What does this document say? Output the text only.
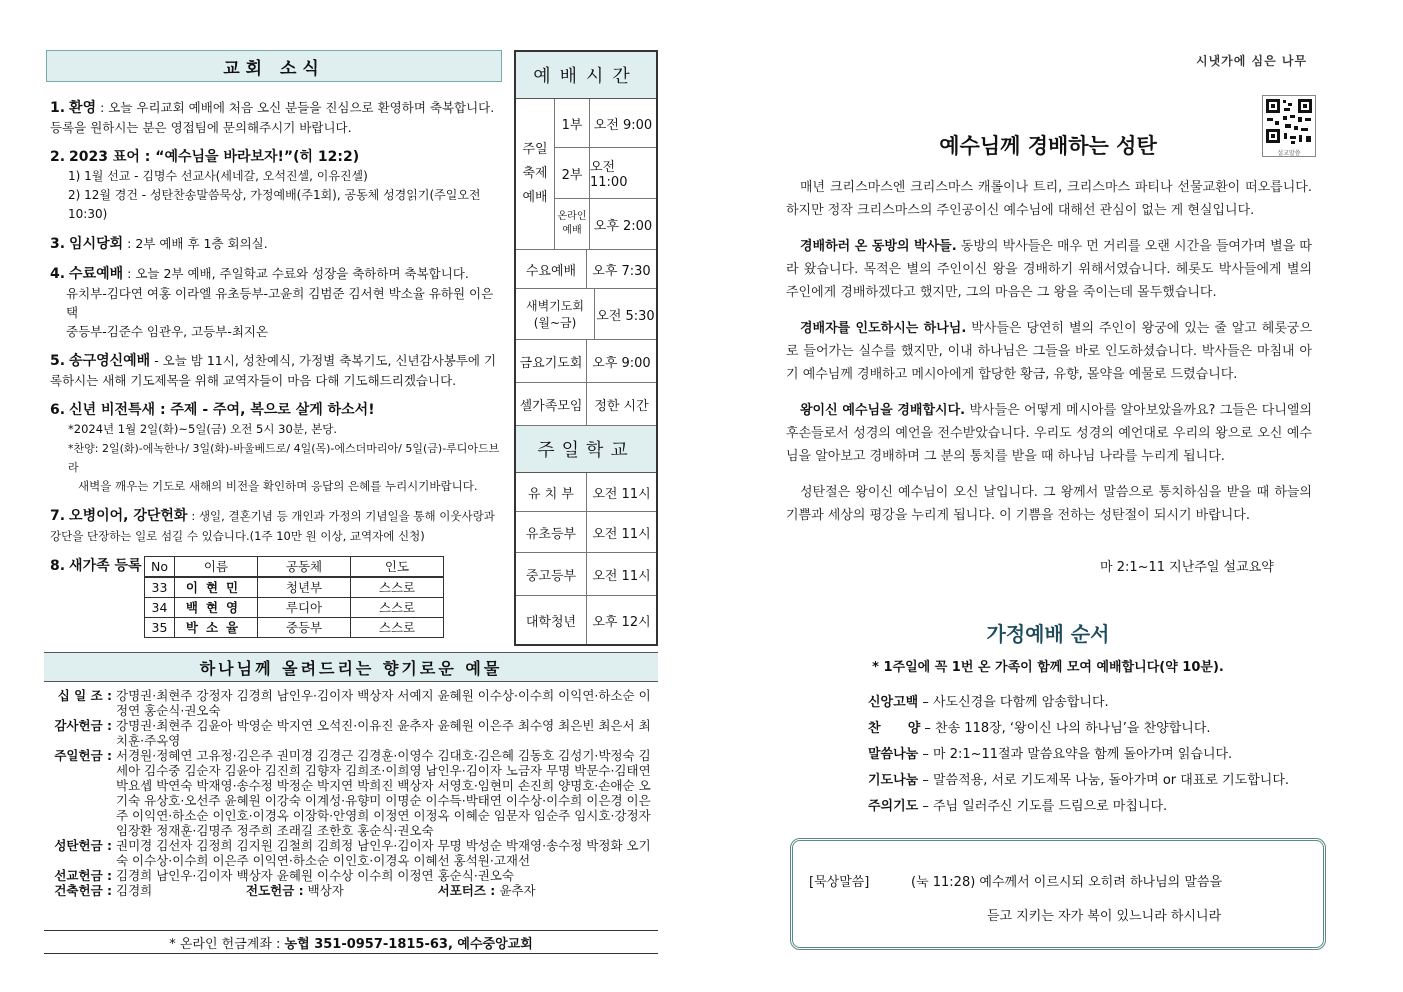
교회 소식
1. 환영 : 오늘 우리교회 예배에 처음 오신 분들을 진심으로 환영하며 축복합니다. 등록을 원하시는 분은 영접팀에 문의해주시기 바랍니다.
2. 2023 표어 : “예수님을 바라보자!”(히 12:2)
1) 1월 선교 - 김명수 선교사(세네갈, 오석진셀, 이유진셀)
2) 12월 경건 - 성탄찬송말씀묵상, 가정예배(주1회), 공동체 성경읽기(주일오전10:30)
3. 임시당회 : 2부 예배 후 1층 회의실.
4. 수료예배 : 오늘 2부 예배, 주일학교 수료와 성장을 축하하며 축복합니다.
유치부-김다연 여홍 이라엘 유초등부-고윤희 김범준 김서현 박소율 유하원 이은택
중등부-김준수 임관우, 고등부-최지온
5. 송구영신예배 - 오늘 밤 11시, 성찬예식, 가정별 축복기도, 신년감사봉투에 기록하시는 새해 기도제목을 위해 교역자들이 마음 다해 기도해드리겠습니다.
6. 신년 비전특새 : 주제 - 주여, 복으로 살게 하소서!
*2024년 1월 2일(화)~5일(금) 오전 5시 30분, 본당.
*찬양: 2일(화)-에녹한나/ 3일(화)-바울베드로/ 4일(목)-에스더마리아/ 5일(금)-루디아드브라
새벽을 깨우는 기도로 새해의 비전을 확인하며 응답의 은혜를 누리시기바랍니다.
7. 오병이어, 강단헌화 : 생일, 결혼기념 등 개인과 가정의 기념일을 통해 이웃사랑과 강단을 단장하는 일로 섬길 수 있습니다.(1주 10만 원 이상, 교역자에 신청)
8. 새가족 등록 No	이름	공동체	인도
33	이현민	청년부	스스로
34	백현영	루디아	스스로
35	박소율	중등부	스스로
예배시간
주일축제예배
1부 오전 9:00
2부 오전 11:00
온라인예배 오후 2:00
수요예배	오후 7:30
새벽기도회(월~금)	오전 5:30
금요기도회 오후 9:00
셀가족모임 정한 시간
주일학교
유 치 부	오전 11시
유초등부	오전 11시
중고등부	오전 11시
대학청년	오후 12시
하나님께 올려드리는 향기로운 예물
십 일 조 : 강명권·최현주 강정자 김경희 남인우·김이자 백상자 서예지 윤혜원 이수상·이수희 이익연·하소순 이정연 홍순식·권오숙
감사헌금 : 강명권·최현주 김윤아 박영순 박지연 오석진·이유진 윤추자 윤혜원 이은주 최수영 최은빈 최은서 최치훈·주옥영
주일헌금 : 서경원·정혜연 고유정·김은주 권미경 김경근 김경훈·이영수 김대호·김은혜 김동호 김성기·박정숙 김세아 김수중 김순자 김윤아 김진희 김향자 김희조·이희영 남인우·김이자 노금자 무명 박문수·김태연 박요셉 박연숙 박재영·송수정 박정순 박지연 박희진 백상자 서영호·임현미 손진희 양명호·손애순 오기숙 유상호·오선주 윤혜원 이강숙 이계성·유향미 이명순 이수득·박태연 이수상·이수희 이은경 이은주 이익연·하소순 이인호·이경옥 이장학·안영희 이정연 이정옥 이혜순 임문자 임순주 임시호·강정자 임장환 정재훈·김명주 정주희 조래길 조한호 홍순식·권오숙
성탄헌금 : 권미경 김선자 김정희 김지원 김철희 김희정 남인우·김이자 무명 박성순 박재영·송수정 박정화 오기숙 이수상·이수희 이은주 이익연·하소순 이인호·이경옥 이혜선 홍석원·고재선
선교헌금 : 김경희 남인우·김이자 백상자 윤혜원 이수상 이수희 이정연 홍순식·권오숙
건축헌금 : 김경희	전도헌금 : 백상자	서포터즈 : 윤추자
* 온라인 헌금계좌 :
농협 351-0957-1815-63, 예수중앙교회
시냇가에 심은 나무
설교말씀
예수님께 경배하는 성탄

매년 크리스마스엔 크리스마스 캐롤이나 트리, 크리스마스 파티나 선물교환이 떠오릅니다. 하지만 정작 크리스마스의 주인공이신 예수님에 대해선 관심이 없는 게 현실입니다.

경배하러 온 동방의 박사들. 동방의 박사들은 매우 먼 거리를 오랜 시간을 들여가며 별을 따라 왔습니다. 목적은 별의 주인이신 왕을 경배하기 위해서였습니다. 헤롯도 박사들에게 별의 주인에게 경배하겠다고 했지만, 그의 마음은 그 왕을 죽이는데 몰두했습니다.

경배자를 인도하시는 하나님. 박사들은 당연히 별의 주인이 왕궁에 있는 줄 알고 헤롯궁으로 들어가는 실수를 했지만, 이내 하나님은 그들을 바로 인도하셨습니다. 박사들은 마침내 아기 예수님께 경배하고 메시아에게 합당한 황금, 유향, 몰약을 예물로 드렸습니다.

왕이신 예수님을 경배합시다. 박사들은 어떻게 메시아를 알아보았을까요? 그들은 다니엘의 후손들로서 성경의 예언을 전수받았습니다. 우리도 성경의 예언대로 우리의 왕으로 오신 예수님을 알아보고 경배하며 그 분의 통치를 받을 때 하나님 나라를 누리게 됩니다.

성탄절은 왕이신 예수님이 오신 날입니다. 그 왕께서 말씀으로 통치하심을 받을 때 하늘의 기쁨과 세상의 평강을 누리게 됩니다. 이 기쁨을 전하는 성탄절이 되시기 바랍니다.

마 2:1~11 지난주일 설교요약
가정예배 순서
* 1주일에 꼭 1번 온 가족이 함께 모여 예배합니다(약 10분).
신앙고백 – 사도신경을 다함께 암송합니다.
찬      양 – 찬송 118장, ‘왕이신 나의 하나님’을 찬양합니다.
말씀나눔 – 마 2:1~11절과 말씀요약을 함께 돌아가며 읽습니다.
기도나눔 – 말씀적용, 서로 기도제목 나눔, 돌아가며 or 대표로 기도합니다.
주의기도 – 주님 일러주신 기도를 드림으로 마칩니다.
[묵상말씀]	(눅 11:28) 예수께서 이르시되 오히려 하나님의 말씀을
듣고 지키는 자가 복이 있느니라 하시니라
